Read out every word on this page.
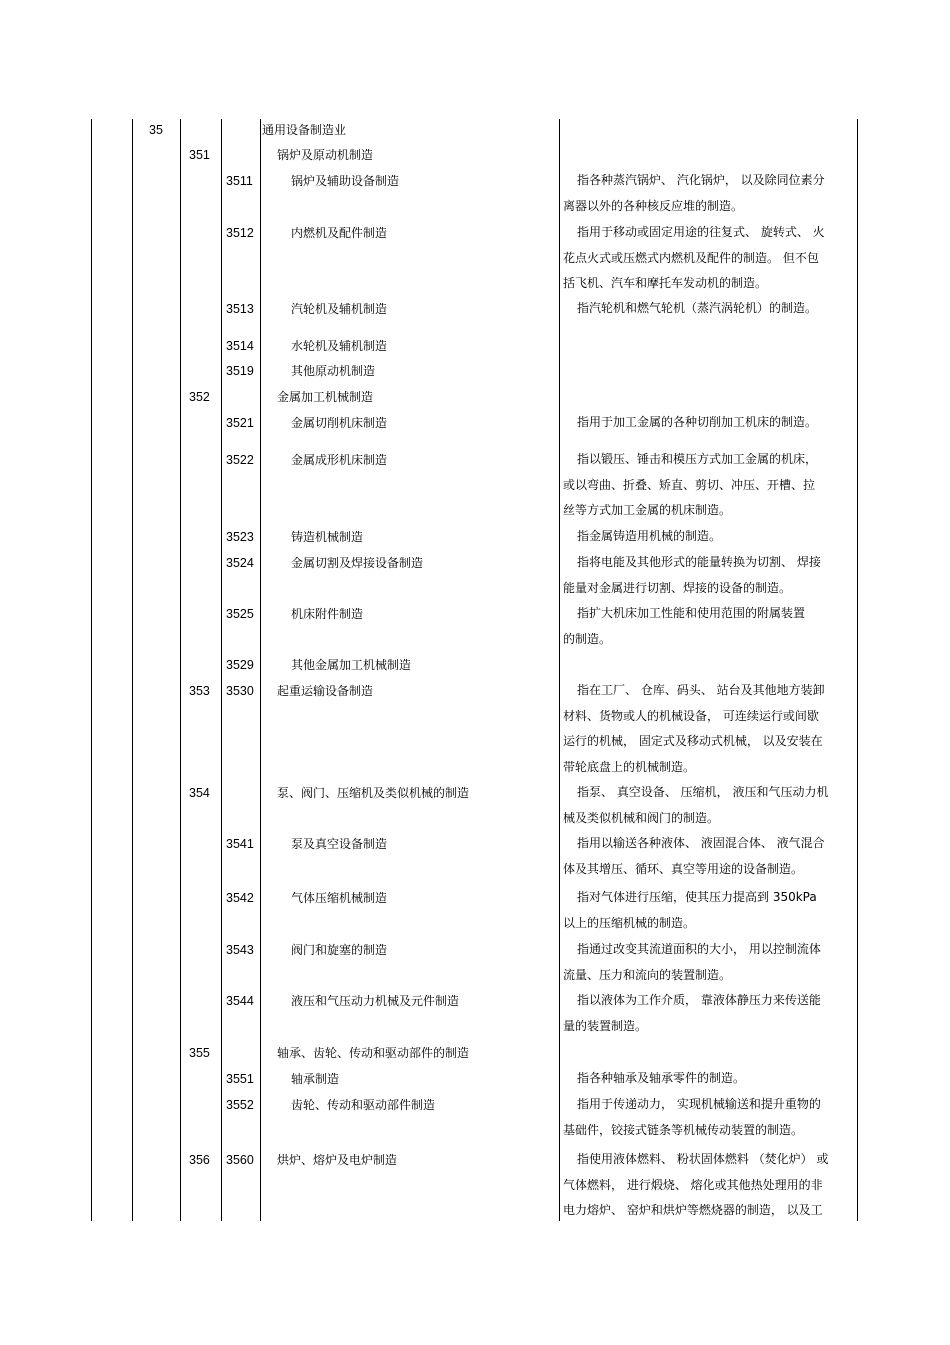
35	通用设备制造业
351	锅炉及原动机制造
3511	锅炉及辅助设备制造	指各种蒸汽锅炉、 汽化锅炉， 以及除同位素分
离器以外的各种核反应堆的制造。
3512	内燃机及配件制造	指用于移动或固定用途的往复式、 旋转式、 火
花点火式或压燃式内燃机及配件的制造。 但不包
括飞机、汽车和摩托车发动机的制造。
3513	汽轮机及辅机制造	指汽轮机和燃气轮机（蒸汽涡轮机）的制造。
3514	水轮机及辅机制造
3519	其他原动机制造
352	金属加工机械制造
3521	金属切削机床制造	指用于加工金属的各种切削加工机床的制造。
3522	金属成形机床制造	指以锻压、锤击和模压方式加工金属的机床，
或以弯曲、折叠、矫直、剪切、冲压、开槽、拉
丝等方式加工金属的机床制造。
3523	铸造机械制造	指金属铸造用机械的制造。
3524	金属切割及焊接设备制造	指将电能及其他形式的能量转换为切割、 焊接
能量对金属进行切割、焊接的设备的制造。
3525	机床附件制造	指扩大机床加工性能和使用范围的附属装置
的制造。
3529	其他金属加工机械制造
353 3530 起重运输设备制造	指在工厂、 仓库、码头、 站台及其他地方装卸
材料、货物或人的机械设备， 可连续运行或间歇
运行的机械， 固定式及移动式机械， 以及安装在
带轮底盘上的机械制造。
354	泵、阀门、压缩机及类似机械的制造	指泵、 真空设备、 压缩机， 液压和气压动力机
械及类似机械和阀门的制造。
3541	泵及真空设备制造	指用以输送各种液体、 液固混合体、 液气混合
体及其增压、循环、真空等用途的设备制造。
3542	气体压缩机械制造	指对气体进行压缩，使其压力提高到 350kPa
以上的压缩机械的制造。
3543	阀门和旋塞的制造	指通过改变其流道面积的大小， 用以控制流体
流量、压力和流向的装置制造。
3544	液压和气压动力机械及元件制造	指以液体为工作介质， 靠液体静压力来传送能
量的装置制造。
355	轴承、齿轮、传动和驱动部件的制造
3551	轴承制造	指各种轴承及轴承零件的制造。
3552	齿轮、传动和驱动部件制造	指用于传递动力， 实现机械输送和提升重物的
基础件，铰接式链条等机械传动装置的制造。
356 3560 烘炉、熔炉及电炉制造	指使用液体燃料、 粉状固体燃料 （焚化炉） 或
气体燃料， 进行煅烧、 熔化或其他热处理用的非
电力熔炉、 窑炉和烘炉等燃烧器的制造， 以及工
